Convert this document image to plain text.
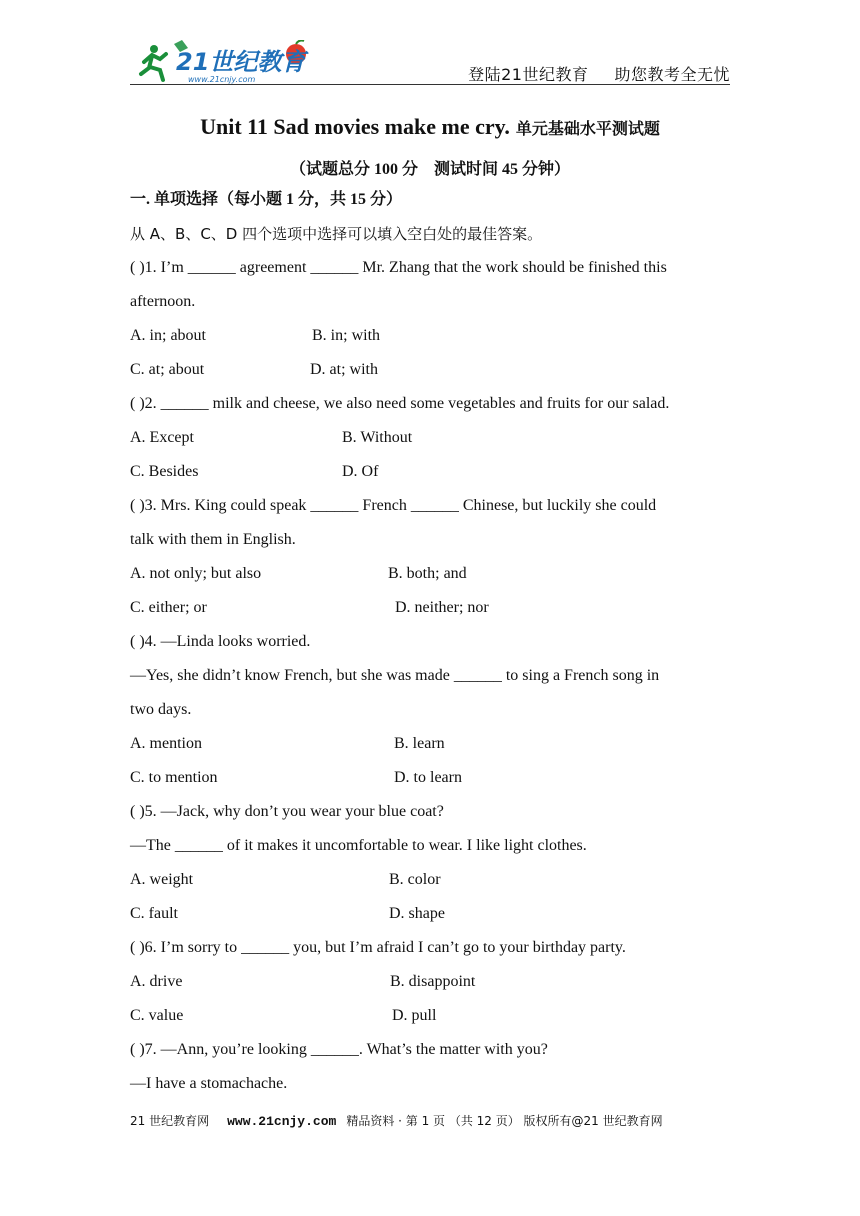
21世纪教育
www.21cnjy.com	登陆21世纪教育 助您教考全无忧
Unit 11 Sad movies make me cry. 单元基础水平测试题
（试题总分 100 分　测试时间 45 分钟）
一. 单项选择（每小题 1 分，共 15 分）
从 A、B、C、D 四个选项中选择可以填入空白处的最佳答案。
( )1. I’m ______ agreement ______ Mr. Zhang that the work should be finished this
afternoon.
A. in; about	B. in; with
C. at; about	D. at; with
( )2. ______ milk and cheese, we also need some vegetables and fruits for our salad.
A. Except	B. Without
C. Besides	D. Of
( )3. Mrs. King could speak ______ French ______ Chinese, but luckily she could
talk with them in English.
A. not only; but also	B. both; and
C. either; or	D. neither; nor
( )4. —Linda looks worried.
—Yes, she didn’t know French, but she was made ______ to sing a French song in
two days.
A. mention	B. learn
C. to mention	D. to learn
( )5. —Jack, why don’t you wear your blue coat?
—The ______ of it makes it uncomfortable to wear. I like light clothes.
A. weight	B. color
C. fault	D. shape
( )6. I’m sorry to ______ you, but I’m afraid I can’t go to your birthday party.
A. drive	B. disappoint
C. value	D. pull
( )7. —Ann, you’re looking ______. What’s the matter with you?
—I have a stomachache.
21 世纪教育网 www.21cnjy.com 精品资料 · 第 1 页 （共 12 页） 版权所有@21 世纪教育网
